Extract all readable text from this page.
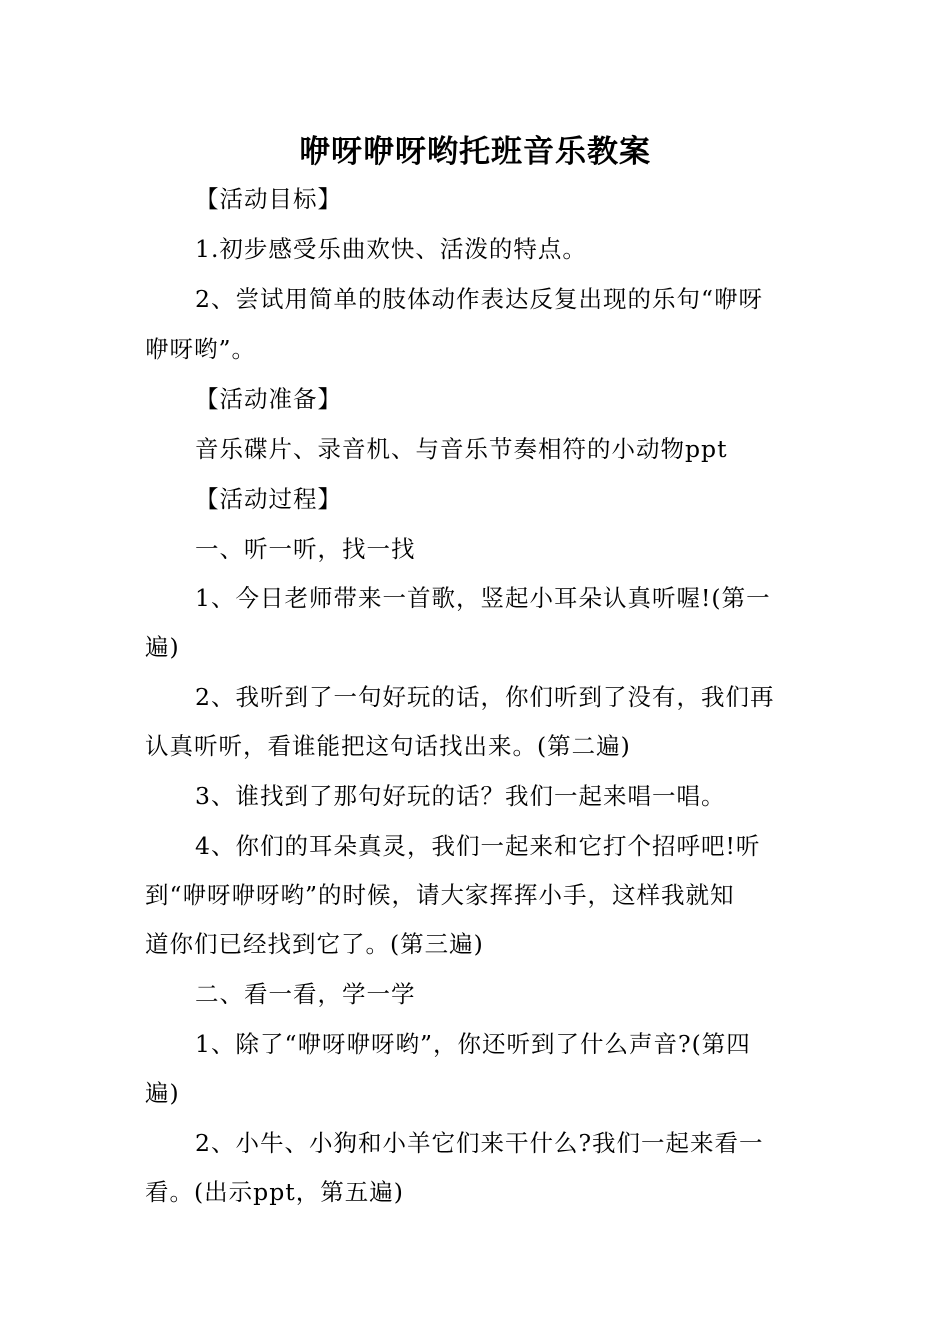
咿呀咿呀哟托班音乐教案
【活动目标】
1.初步感受乐曲欢快、活泼的特点。
2、尝试用简单的肢体动作表达反复出现的乐句“咿呀
咿呀哟”。
【活动准备】
音乐碟片、录音机、与音乐节奏相符的小动物ppt
【活动过程】
一、听一听，找一找
1、今日老师带来一首歌，竖起小耳朵认真听喔!(第一
遍)
2、我听到了一句好玩的话，你们听到了没有，我们再
认真听听，看谁能把这句话找出来。(第二遍)
3、谁找到了那句好玩的话？我们一起来唱一唱。
4、你们的耳朵真灵，我们一起来和它打个招呼吧!听
到“咿呀咿呀哟”的时候，请大家挥挥小手，这样我就知
道你们已经找到它了。(第三遍)
二、看一看，学一学
1、除了“咿呀咿呀哟”，你还听到了什么声音?(第四
遍)
2、小牛、小狗和小羊它们来干什么?我们一起来看一
看。(出示ppt，第五遍)
